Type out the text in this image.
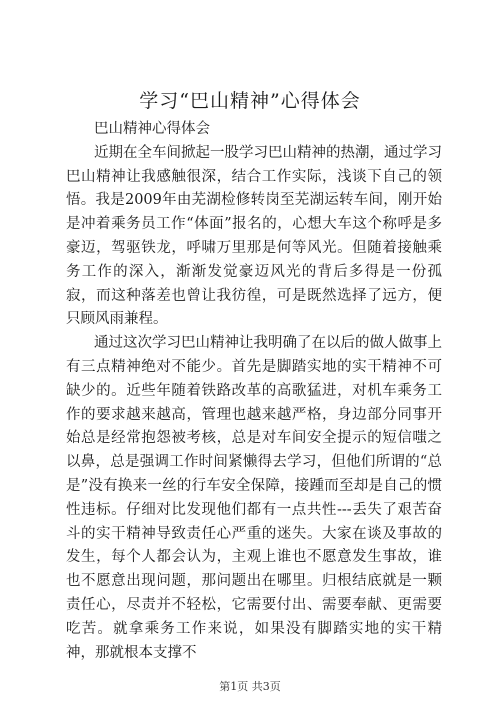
学习“巴山精神”心得体会

巴山精神心得体会

近期在全车间掀起一股学习巴山精神的热潮，通过学习巴山精神让我感触很深，结合工作实际，浅谈下自己的领悟。我是2009年由芜湖检修转岗至芜湖运转车间，刚开始是冲着乘务员工作“体面”报名的，心想大车这个称呼是多豪迈，驾驱铁龙，呼啸万里那是何等风光。但随着接触乘务工作的深入，渐渐发觉豪迈风光的背后多得是一份孤寂，而这种落差也曾让我彷徨，可是既然选择了远方，便只顾风雨兼程。

通过这次学习巴山精神让我明确了在以后的做人做事上有三点精神绝对不能少。首先是脚踏实地的实干精神不可缺少的。近些年随着铁路改革的高歌猛进，对机车乘务工作的要求越来越高，管理也越来越严格，身边部分同事开始总是经常抱怨被考核，总是对车间安全提示的短信嗤之以鼻，总是强调工作时间紧懒得去学习，但他们所谓的“总是”没有换来一丝的行车安全保障，接踵而至却是自己的惯性违标。仔细对比发现他们都有一点共性---丢失了艰苦奋斗的实干精神导致责任心严重的迷失。大家在谈及事故的发生，每个人都会认为，主观上谁也不愿意发生事故，谁也不愿意出现问题，那问题出在哪里。归根结底就是一颗责任心，尽责并不轻松，它需要付出、需要奉献、更需要吃苦。就拿乘务工作来说，如果没有脚踏实地的实干精神，那就根本支撑不

第1页 共3页
